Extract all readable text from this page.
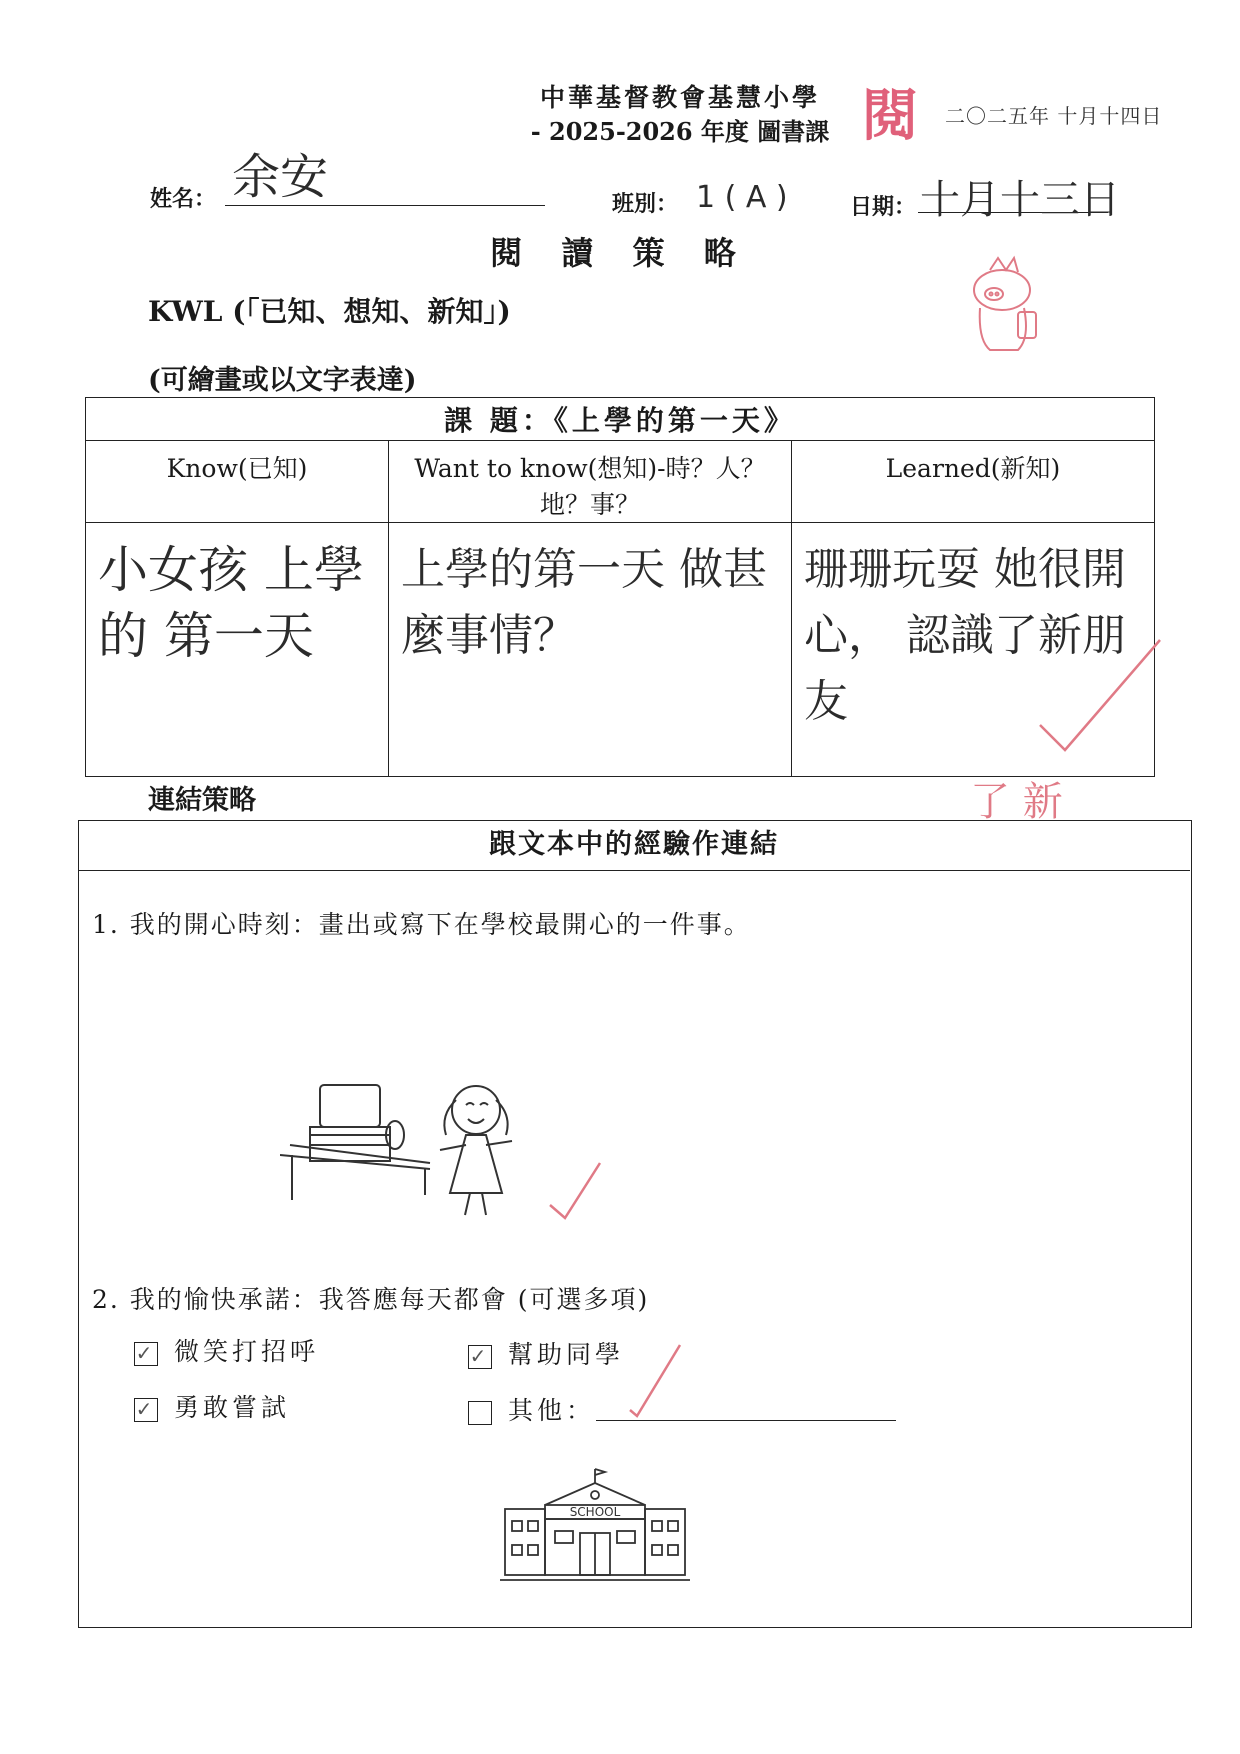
中華基督教會基慧小學
- 2025-2026 年度 圖書課 閱 二〇二五年 十月十四日
姓名： 余安	班別： 1 ( A )	日期： 十月十三日
閱 讀 策 略
KWL (「已知、想知、新知」)
(可繪畫或以文字表達)
課 題：《上學的第一天》		
Know(已知)	Want to know(想知)-時？人？地？事？	Learned(新知)
小女孩 上學的 第一天	上學的第一天 做甚麼事情？	珊珊玩耍 她很開心， 認識了新朋友
了 新
連結策略
跟文本中的經驗作連結
1. 我的開心時刻：畫出或寫下在學校最開心的一件事。
2. 我的愉快承諾：我答應每天都會 (可選多項)
✓ 微笑打招呼	✓ 幫助同學
✓ 勇敢嘗試	其他：
SCHOOL
